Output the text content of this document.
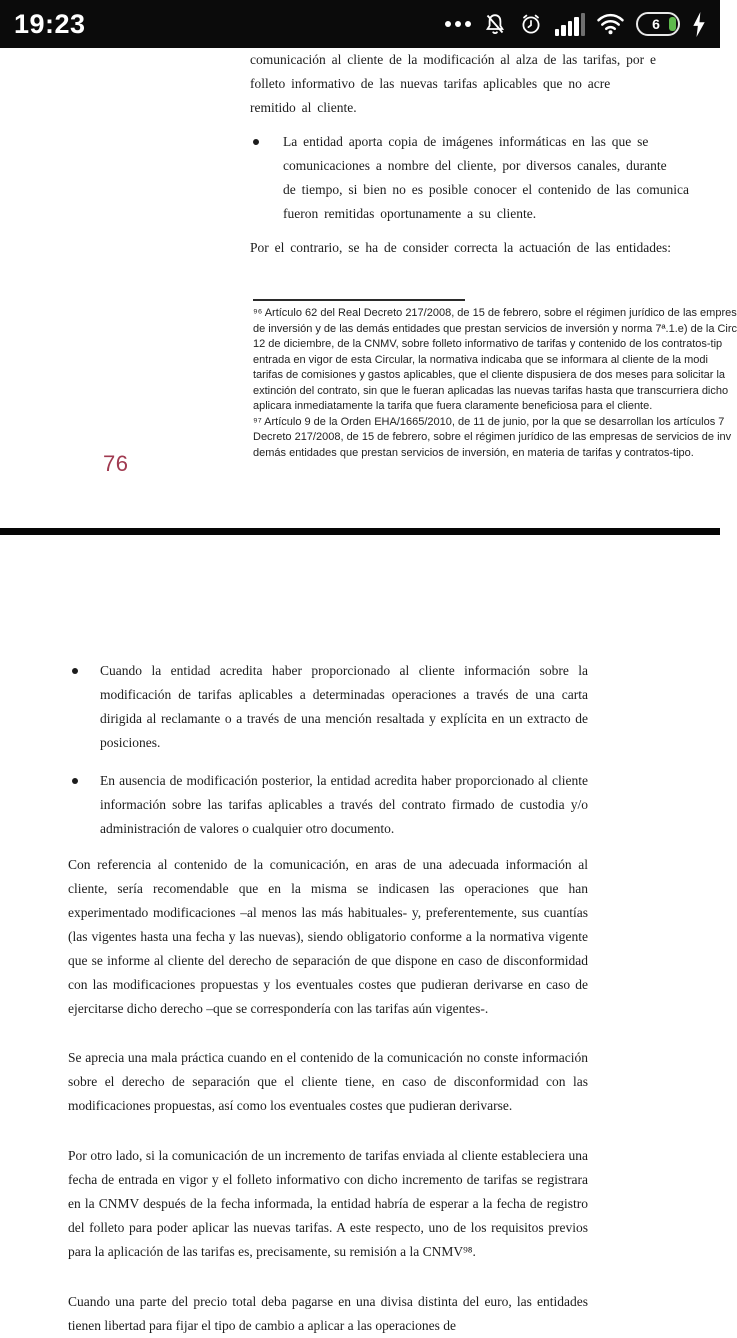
19:23	6
comunicación al cliente de la modificación al alza de las tarifas, por e
folleto informativo de las nuevas tarifas aplicables que no acre
remitido al cliente.
La entidad aporta copia de imágenes informáticas en las que se
comunicaciones a nombre del cliente, por diversos canales, durante
de tiempo, si bien no es posible conocer el contenido de las comunica
fueron remitidas oportunamente a su cliente.
Por el contrario, se ha de consider correcta la actuación de las entidades:
⁹⁶ Artículo 62 del Real Decreto 217/2008, de 15 de febrero, sobre el régimen jurídico de las empres
de inversión y de las demás entidades que prestan servicios de inversión y norma 7ª.1.e) de la Circ
12 de diciembre, de la CNMV, sobre folleto informativo de tarifas y contenido de los contratos-tip
entrada en vigor de esta Circular, la normativa indicaba que se informara al cliente de la modi
tarifas de comisiones y gastos aplicables, que el cliente dispusiera de dos meses para solicitar la
extinción del contrato, sin que le fueran aplicadas las nuevas tarifas hasta que transcurriera dicho
aplicara inmediatamente la tarifa que fuera claramente beneficiosa para el cliente.
⁹⁷ Artículo 9 de la Orden EHA/1665/2010, de 11 de junio, por la que se desarrollan los artículos 7
Decreto 217/2008, de 15 de febrero, sobre el régimen jurídico de las empresas de servicios de inv
demás entidades que prestan servicios de inversión, en materia de tarifas y contratos-tipo.
76
Cuando la entidad acredita haber proporcionado al cliente información sobre la modificación de tarifas aplicables a determinadas operaciones a través de una carta dirigida al reclamante o a través de una mención resaltada y explícita en un extracto de posiciones.
En ausencia de modificación posterior, la entidad acredita haber proporcionado al cliente información sobre las tarifas aplicables a través del contrato firmado de custodia y/o administración de valores o cualquier otro documento.
Con referencia al contenido de la comunicación, en aras de una adecuada información al cliente, sería recomendable que en la misma se indicasen las operaciones que han experimentado modificaciones –al menos las más habituales- y, preferentemente, sus cuantías (las vigentes hasta una fecha y las nuevas), siendo obligatorio conforme a la normativa vigente que se informe al cliente del derecho de separación de que dispone en caso de disconformidad con las modificaciones propuestas y los eventuales costes que pudieran derivarse en caso de ejercitarse dicho derecho –que se correspondería con las tarifas aún vigentes-.
Se aprecia una mala práctica cuando en el contenido de la comunicación no conste información sobre el derecho de separación que el cliente tiene, en caso de disconformidad con las modificaciones propuestas, así como los eventuales costes que pudieran derivarse.
Por otro lado, si la comunicación de un incremento de tarifas enviada al cliente estableciera una fecha de entrada en vigor y el folleto informativo con dicho incremento de tarifas se registrara en la CNMV después de la fecha informada, la entidad habría de esperar a la fecha de registro del folleto para poder aplicar las nuevas tarifas. A este respecto, uno de los requisitos previos para la aplicación de las tarifas es, precisamente, su remisión a la CNMV⁹⁸.
Cuando una parte del precio total deba pagarse en una divisa distinta del euro, las entidades tienen libertad para fijar el tipo de cambio a aplicar a las operaciones de
